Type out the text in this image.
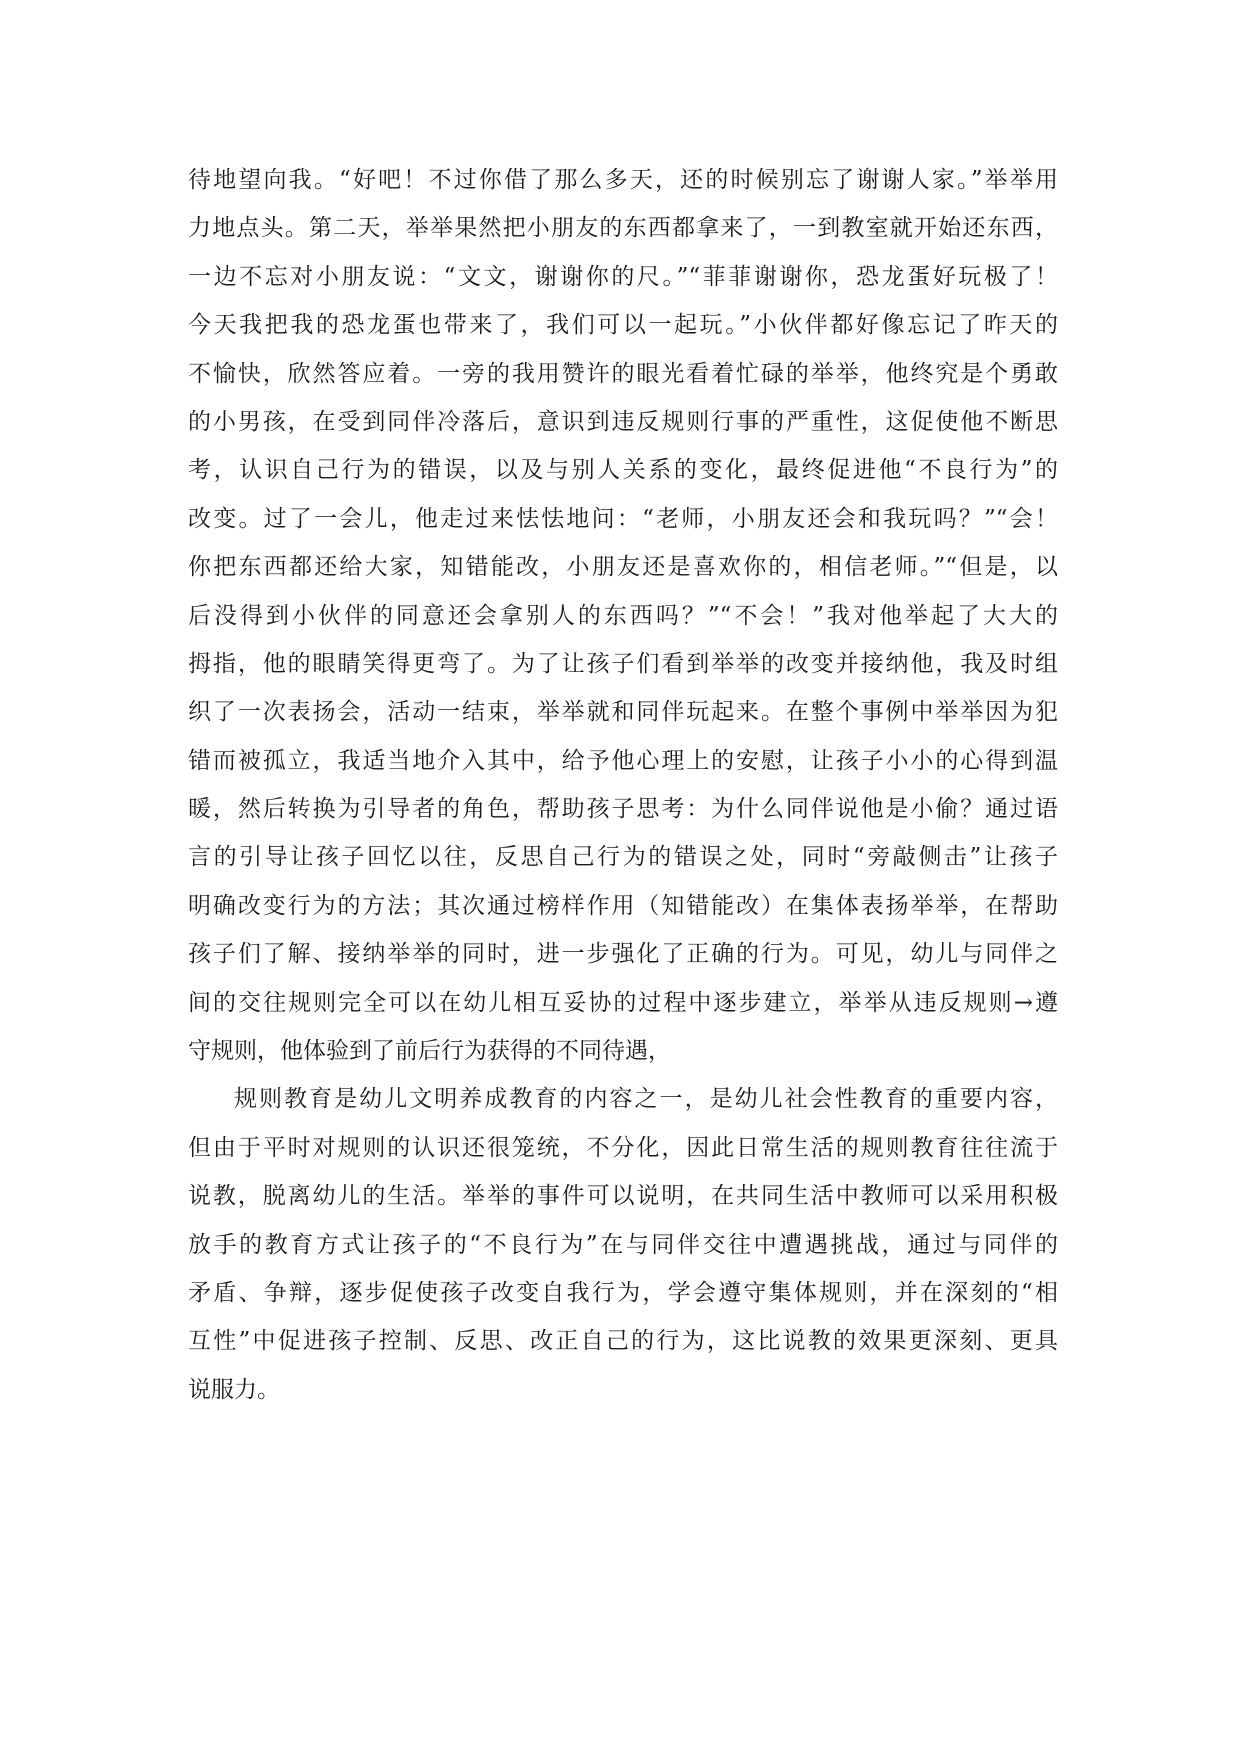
待地望向我。“好吧！不过你借了那么多天，还的时候别忘了谢谢人家。”举举用
力地点头。第二天，举举果然把小朋友的东西都拿来了，一到教室就开始还东西，
一边不忘对小朋友说：“文文，谢谢你的尺。”“菲菲谢谢你，恐龙蛋好玩极了！
今天我把我的恐龙蛋也带来了，我们可以一起玩。”小伙伴都好像忘记了昨天的
不愉快，欣然答应着。一旁的我用赞许的眼光看着忙碌的举举，他终究是个勇敢
的小男孩，在受到同伴冷落后，意识到违反规则行事的严重性，这促使他不断思
考，认识自己行为的错误，以及与别人关系的变化，最终促进他“不良行为”的
改变。过了一会儿，他走过来怯怯地问：“老师，小朋友还会和我玩吗？”“会！
你把东西都还给大家，知错能改，小朋友还是喜欢你的，相信老师。”“但是，以
后没得到小伙伴的同意还会拿别人的东西吗？”“不会！”我对他举起了大大的
拇指，他的眼睛笑得更弯了。为了让孩子们看到举举的改变并接纳他，我及时组
织了一次表扬会，活动一结束，举举就和同伴玩起来。在整个事例中举举因为犯
错而被孤立，我适当地介入其中，给予他心理上的安慰，让孩子小小的心得到温
暖，然后转换为引导者的角色，帮助孩子思考：为什么同伴说他是小偷？通过语
言的引导让孩子回忆以往，反思自己行为的错误之处，同时“旁敲侧击”让孩子
明确改变行为的方法；其次通过榜样作用（知错能改）在集体表扬举举，在帮助
孩子们了解、接纳举举的同时，进一步强化了正确的行为。可见，幼儿与同伴之
间的交往规则完全可以在幼儿相互妥协的过程中逐步建立，举举从违反规则→遵
守规则，他体验到了前后行为获得的不同待遇，
规则教育是幼儿文明养成教育的内容之一，是幼儿社会性教育的重要内容，
但由于平时对规则的认识还很笼统，不分化，因此日常生活的规则教育往往流于
说教，脱离幼儿的生活。举举的事件可以说明，在共同生活中教师可以采用积极
放手的教育方式让孩子的“不良行为”在与同伴交往中遭遇挑战，通过与同伴的
矛盾、争辩，逐步促使孩子改变自我行为，学会遵守集体规则，并在深刻的“相
互性”中促进孩子控制、反思、改正自己的行为，这比说教的效果更深刻、更具
说服力。
